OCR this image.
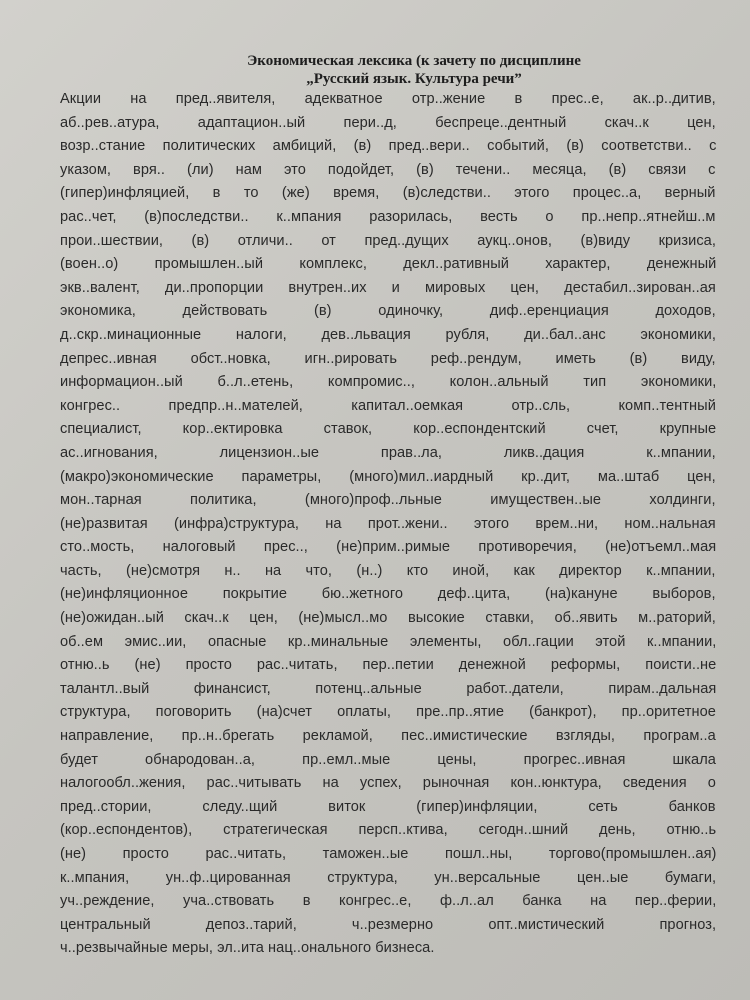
Экономическая лексика (к зачету по дисциплине
„Русский язык. Культура речи”
Акции на пред..явителя, адекватное отр..жение в прес..е, ак..р..дитив,
аб..рев..атура, адаптацион..ый пери..д, беспреце..дентный скач..к цен,
возр..стание политических амбиций, (в) пред..вери.. событий, (в) соответстви.. с
указом, вря.. (ли) нам это подойдет, (в) течени.. месяца, (в) связи с
(гипер)инфляцией, в то (же) время, (в)следстви.. этого процес..а, верный
рас..чет, (в)последстви.. к..мпания разорилась, весть о пр..непр..ятнейш..м
прои..шествии, (в) отличи.. от пред..дущих аукц..онов, (в)виду кризиса,
(воен..о) промышлен..ый комплекс, декл..ративный характер, денежный
экв..валент, ди..пропорции внутрен..их и мировых цен, дестабил..зирован..ая
экономика, действовать (в) одиночку, диф..еренциация доходов,
д..скр..минационные налоги, дев..львация рубля, ди..бал..анс экономики,
депрес..ивная обст..новка, игн..рировать реф..рендум, иметь (в) виду,
информацион..ый б..л..етень, компромис.., колон..альный тип экономики,
конгрес.. предпр..н..мателей, капитал..оемкая отр..сль, комп..тентный
специалист, кор..ектировка ставок, кор..еспондентский счет, крупные
ас..игнования, лицензион..ые прав..ла, ликв..дация к..мпании,
(макро)экономические параметры, (много)мил..иардный кр..дит, ма..штаб цен,
мон..тарная политика, (много)проф..льные имуществен..ые холдинги,
(не)развитая (инфра)структура, на прот..жени.. этого врем..ни, ном..нальная
сто..мость, налоговый прес.., (не)прим..римые противоречия, (не)отъемл..мая
часть, (не)смотря н.. на что, (н..) кто иной, как директор к..мпании,
(не)инфляционное покрытие бю..жетного деф..цита, (на)кануне выборов,
(не)ожидан..ый скач..к цен, (не)мысл..мо высокие ставки, об..явить м..раторий,
об..ем эмис..ии, опасные кр..минальные элементы, обл..гации этой к..мпании,
отню..ь (не) просто рас..читать, пер..петии денежной реформы, поисти..не
талантл..вый финансист, потенц..альные работ..датели, пирам..дальная
структура, поговорить (на)счет оплаты, пре..пр..ятие (банкрот), пр..оритетное
направление, пр..н..брегать рекламой, пес..имистические взгляды, програм..а
будет обнародован..а, пр..емл..мые цены, прогрес..ивная шкала
налогообл..жения, рас..читывать на успех, рыночная кон..юнктура, сведения о
пред..стории, следу..щий виток (гипер)инфляции, сеть банков
(кор..еспондентов), стратегическая персп..ктива, сегодн..шний день, отню..ь
(не) просто рас..читать, таможен..ые пошл..ны, торгово(промышлен..ая)
к..мпания, ун..ф..цированная структура, ун..версальные цен..ые бумаги,
уч..реждение, уча..ствовать в конгрес..е, ф..л..ал банка на пер..ферии,
центральный депоз..тарий, ч..резмерно опт..мистический прогноз,
ч..резвычайные меры, эл..ита нац..онального бизнеса.
